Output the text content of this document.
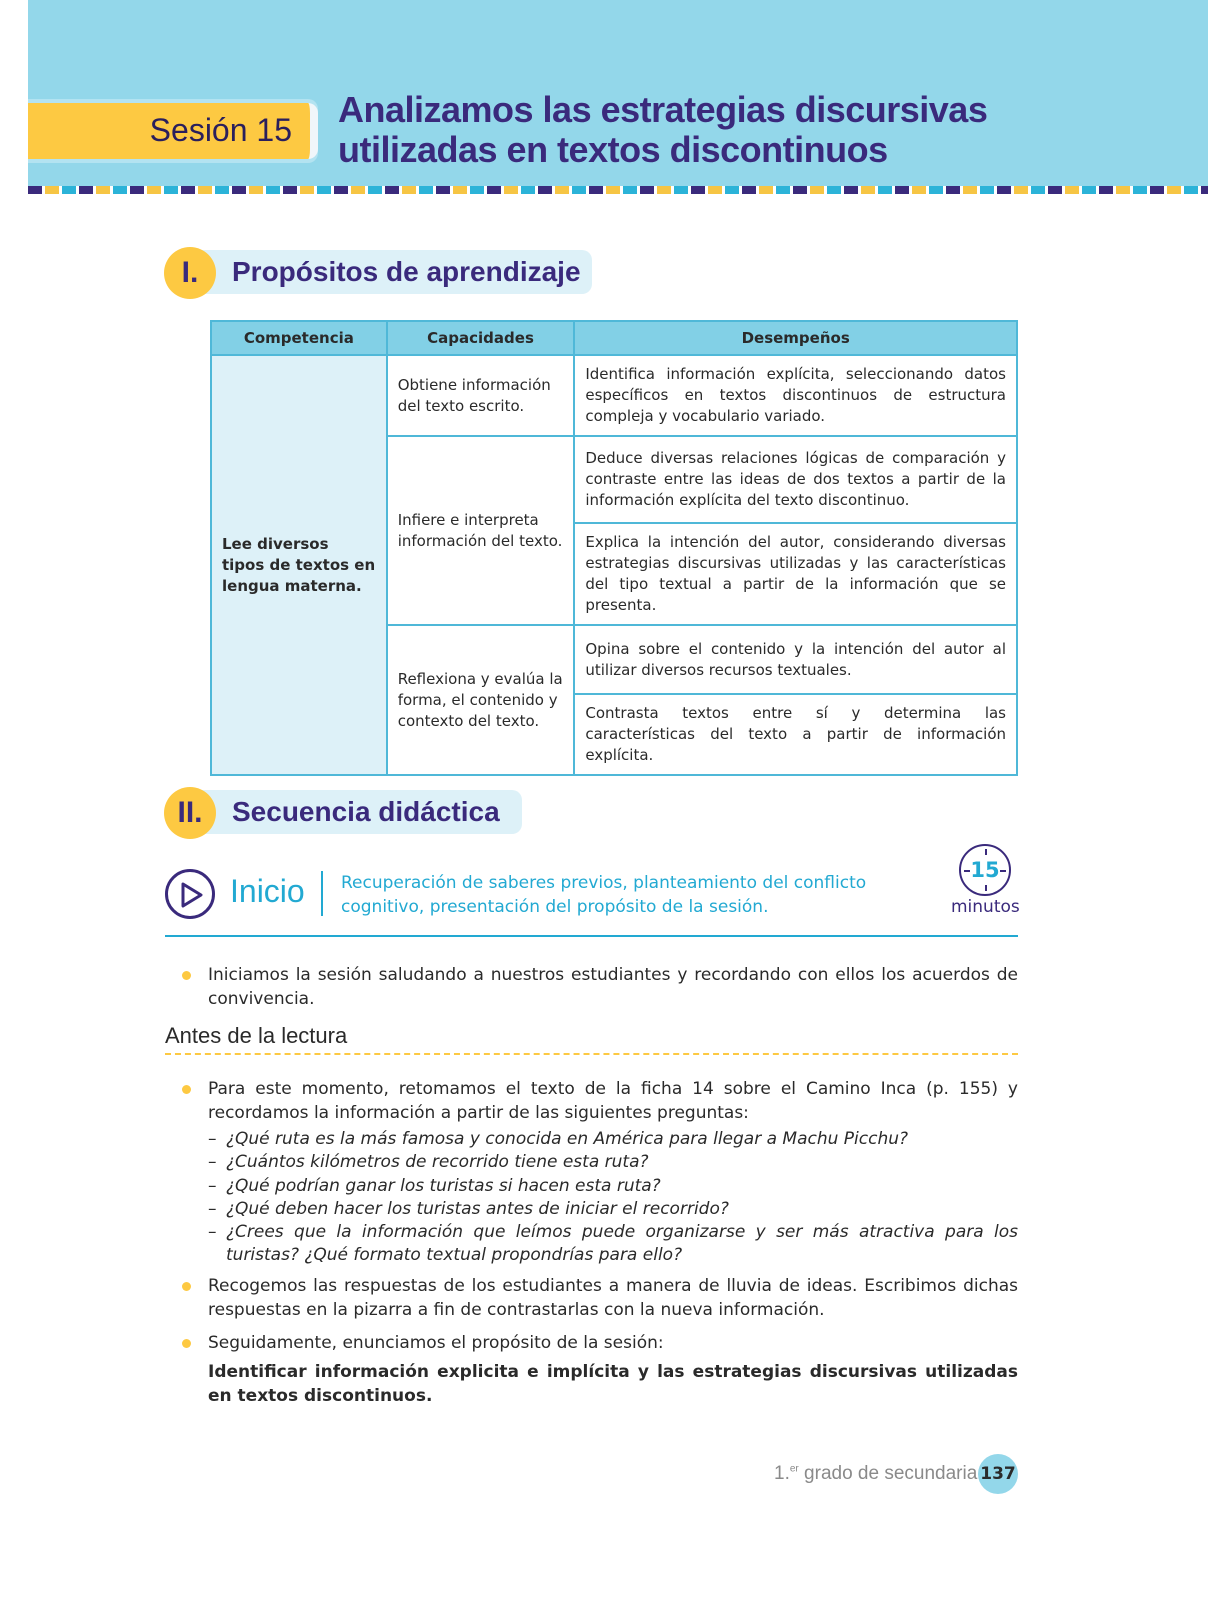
Sesión 15 Analizamos las estrategias discursivas
utilizadas en textos discontinuos
I.	Propósitos de aprendizaje
Competencia	Capacidades	Desempeños
Lee diversos tipos de textos en lengua materna.	Obtiene información del texto escrito.	Identifica información explícita, seleccionando datos específicos en textos discontinuos de estructura compleja y vocabulario variado.
	Infiere e interpreta información del texto.	Deduce diversas relaciones lógicas de comparación y contraste entre las ideas de dos textos a partir de la información explícita del texto discontinuo.
		Explica la intención del autor, considerando diversas estrategias discursivas utilizadas y las características del tipo textual a partir de la información que se presenta.
	Reflexiona y evalúa la forma, el contenido y contexto del texto.	Opina sobre el contenido y la intención del autor al utilizar diversos recursos textuales.
		Contrasta textos entre sí y determina las características del texto a partir de información explícita.
II.	Secuencia didáctica
Inicio Recuperación de saberes previos, planteamiento del conflicto cognitivo, presentación del propósito de la sesión.
15
minutos
Iniciamos la sesión saludando a nuestros estudiantes y recordando con ellos los acuerdos de convivencia.
Antes de la lectura
Para este momento, retomamos el texto de la ficha 14 sobre el Camino Inca (p. 155) y recordamos la información a partir de las siguientes preguntas:
– ¿Qué ruta es la más famosa y conocida en América para llegar a Machu Picchu?
– ¿Cuántos kilómetros de recorrido tiene esta ruta?
– ¿Qué podrían ganar los turistas si hacen esta ruta?
– ¿Qué deben hacer los turistas antes de iniciar el recorrido?
– ¿Crees que la información que leímos puede organizarse y ser más atractiva para los turistas? ¿Qué formato textual propondrías para ello?
Recogemos las respuestas de los estudiantes a manera de lluvia de ideas. Escribimos dichas respuestas en la pizarra a fin de contrastarlas con la nueva información.
Seguidamente, enunciamos el propósito de la sesión:
Identificar información explicita e implícita y las estrategias discursivas utilizadas en textos discontinuos.
1.$^{er}$ grado de secundaria 137
